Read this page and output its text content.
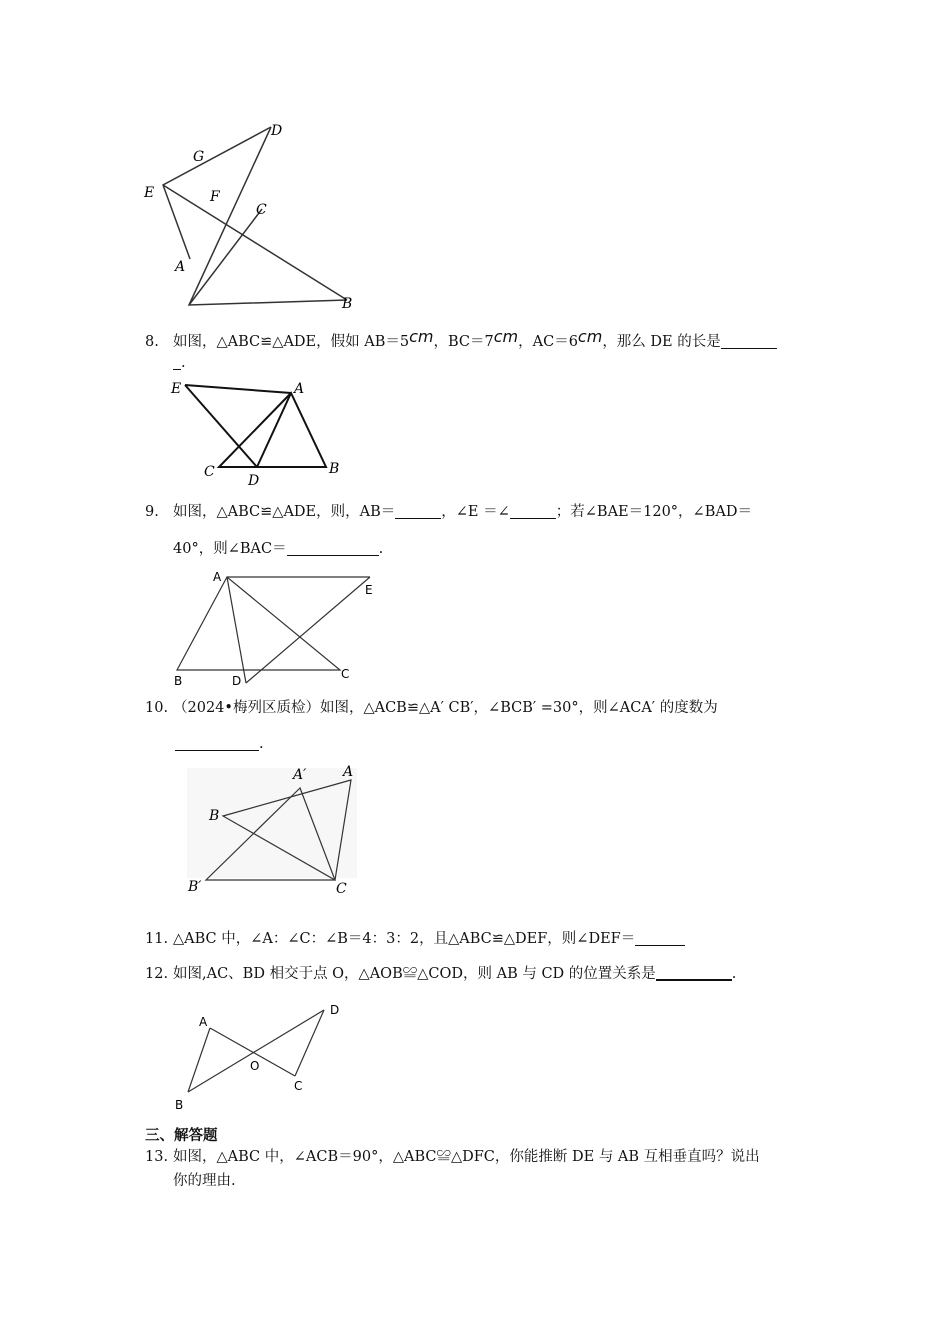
E
G
D
F
C
A
B
8. 如图，△ABC≌△ADE，假如 AB＝5cm，BC＝7cm，AC＝6cm，那么 DE 的长是
.
E	A
C
D
B
9. 如图，△ABC≌△ADE，则，AB＝	，∠E ＝∠	；若∠BAE＝120°，∠BAD＝
40°，则∠BAC＝	.
A
E
B	D	C
10. （2024•梅列区质检）如图，△ACB≌△A′ CB′，∠BCB′ =30°，则∠ACA′ 的度数为
.
A′	A
B
B′	C
11. △ABC 中，∠A：∠C：∠B＝4：3：2，且△ABC≌△DEF，则∠DEF＝
12. 如图,AC、BD 相交于点 O，△AOB≌△COD，则 AB 与 CD 的位置关系是	.
A
D
O
C
B
三、解答题
13. 如图，△ABC 中，∠ACB＝90°，△ABC≌△DFC，你能推断 DE 与 AB 互相垂直吗？说出
你的理由.
